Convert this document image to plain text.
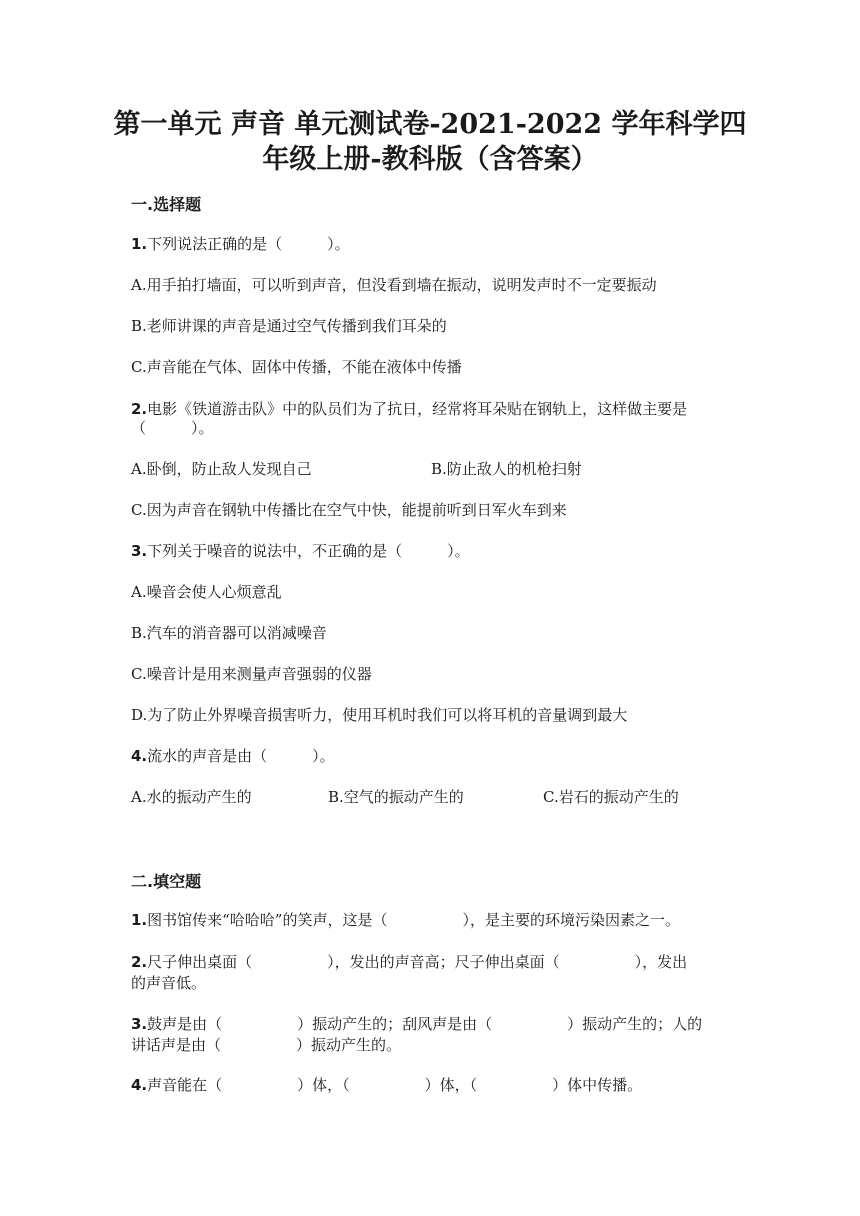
第一单元 声音 单元测试卷-2021-2022 学年科学四
年级上册-教科版（含答案）
一.选择题
1.下列说法正确的是（　　　）。
A.用手拍打墙面，可以听到声音，但没看到墙在振动，说明发声时不一定要振动
B.老师讲课的声音是通过空气传播到我们耳朵的
C.声音能在气体、固体中传播，不能在液体中传播
2.电影《铁道游击队》中的队员们为了抗日，经常将耳朵贴在钢轨上，这样做主要是
（　　　）。
A.卧倒，防止敌人发现自己	B.防止敌人的机枪扫射
C.因为声音在钢轨中传播比在空气中快，能提前听到日军火车到来
3.下列关于噪音的说法中，不正确的是（　　　）。
A.噪音会使人心烦意乱
B.汽车的消音器可以消减噪音
C.噪音计是用来测量声音强弱的仪器
D.为了防止外界噪音损害听力，使用耳机时我们可以将耳机的音量调到最大
4.流水的声音是由（　　　）。
A.水的振动产生的	B.空气的振动产生的	C.岩石的振动产生的
二.填空题
1.图书馆传来“哈哈哈”的笑声，这是（　　　　　），是主要的环境污染因素之一。
2.尺子伸出桌面（　　　　　），发出的声音高；尺子伸出桌面（　　　　　），发出
的声音低。
3.鼓声是由（　　　　　）振动产生的；刮风声是由（　　　　　）振动产生的；人的
讲话声是由（　　　　　）振动产生的。
4.声音能在（　　　　　）体，（　　　　　）体，（　　　　　）体中传播。
